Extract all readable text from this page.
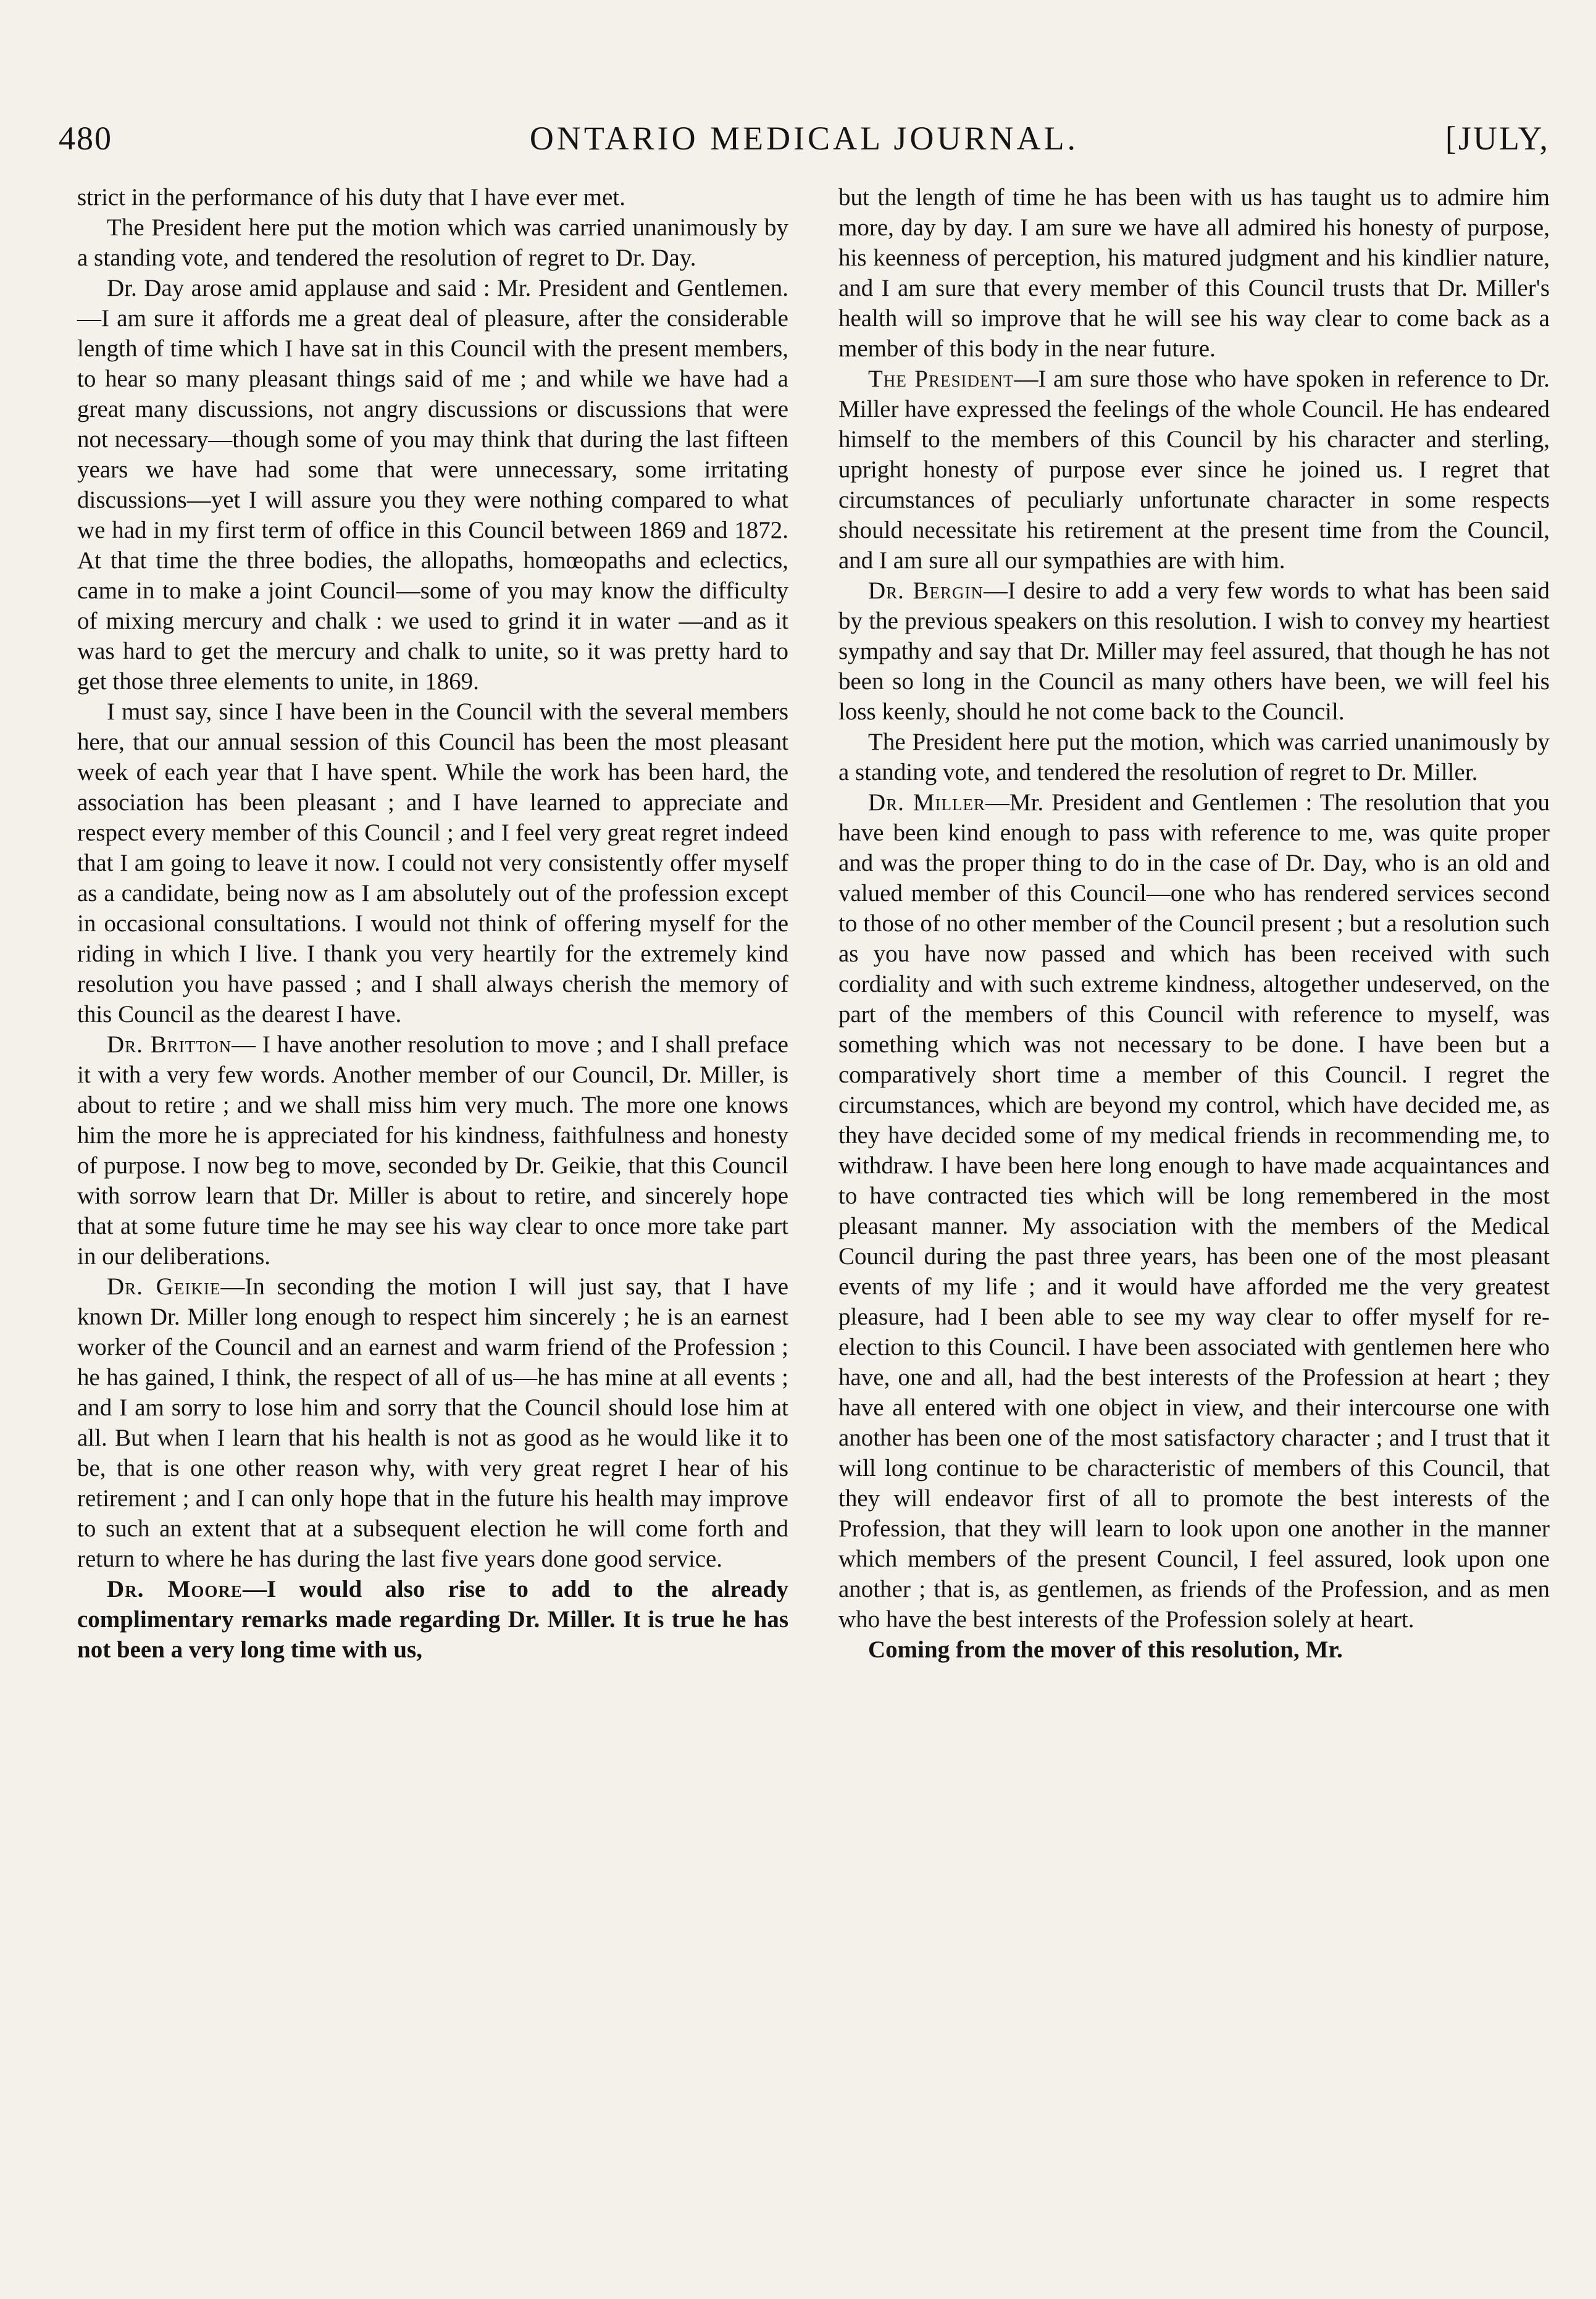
480	ONTARIO MEDICAL JOURNAL.	[JULY,

strict in the performance of his duty that I have ever met.

The President here put the motion which was carried unanimously by a standing vote, and tendered the resolution of regret to Dr. Day.

Dr. Day arose amid applause and said : Mr. President and Gentlemen.—I am sure it affords me a great deal of pleasure, after the considerable length of time which I have sat in this Council with the present members, to hear so many pleasant things said of me ; and while we have had a great many discussions, not angry discussions or discussions that were not necessary—though some of you may think that during the last fifteen years we have had some that were unnecessary, some irritating discussions—yet I will assure you they were nothing compared to what we had in my first term of office in this Council between 1869 and 1872. At that time the three bodies, the allopaths, homœopaths and eclectics, came in to make a joint Council—some of you may know the difficulty of mixing mercury and chalk : we used to grind it in water —and as it was hard to get the mercury and chalk to unite, so it was pretty hard to get those three elements to unite, in 1869.

I must say, since I have been in the Council with the several members here, that our annual session of this Council has been the most pleasant week of each year that I have spent. While the work has been hard, the association has been pleasant ; and I have learned to appreciate and respect every member of this Council ; and I feel very great regret indeed that I am going to leave it now. I could not very consistently offer myself as a candidate, being now as I am absolutely out of the profession except in occasional consultations. I would not think of offering myself for the riding in which I live. I thank you very heartily for the extremely kind resolution you have passed ; and I shall always cherish the memory of this Council as the dearest I have.

Dr. Britton— I have another resolution to move ; and I shall preface it with a very few words. Another member of our Council, Dr. Miller, is about to retire ; and we shall miss him very much. The more one knows him the more he is appreciated for his kindness, faithfulness and honesty of purpose. I now beg to move, seconded by Dr. Geikie, that this Council with sorrow learn that Dr. Miller is about to retire, and sincerely hope that at some future time he may see his way clear to once more take part in our deliberations.

Dr. Geikie—In seconding the motion I will just say, that I have known Dr. Miller long enough to respect him sincerely ; he is an earnest worker of the Council and an earnest and warm friend of the Profession ; he has gained, I think, the respect of all of us—he has mine at all events ; and I am sorry to lose him and sorry that the Council should lose him at all. But when I learn that his health is not as good as he would like it to be, that is one other reason why, with very great regret I hear of his retirement ; and I can only hope that in the future his health may improve to such an extent that at a subsequent election he will come forth and return to where he has during the last five years done good service.

Dr. Moore—I would also rise to add to the already complimentary remarks made regarding Dr. Miller. It is true he has not been a very long time with us,

but the length of time he has been with us has taught us to admire him more, day by day. I am sure we have all admired his honesty of purpose, his keenness of perception, his matured judgment and his kindlier nature, and I am sure that every member of this Council trusts that Dr. Miller's health will so improve that he will see his way clear to come back as a member of this body in the near future.

The President—I am sure those who have spoken in reference to Dr. Miller have expressed the feelings of the whole Council. He has endeared himself to the members of this Council by his character and sterling, upright honesty of purpose ever since he joined us. I regret that circumstances of peculiarly unfortunate character in some respects should necessitate his retirement at the present time from the Council, and I am sure all our sympathies are with him.

Dr. Bergin—I desire to add a very few words to what has been said by the previous speakers on this resolution. I wish to convey my heartiest sympathy and say that Dr. Miller may feel assured, that though he has not been so long in the Council as many others have been, we will feel his loss keenly, should he not come back to the Council.

The President here put the motion, which was carried unanimously by a standing vote, and tendered the resolution of regret to Dr. Miller.

Dr. Miller—Mr. President and Gentlemen : The resolution that you have been kind enough to pass with reference to me, was quite proper and was the proper thing to do in the case of Dr. Day, who is an old and valued member of this Council—one who has rendered services second to those of no other member of the Council present ; but a resolution such as you have now passed and which has been received with such cordiality and with such extreme kindness, altogether undeserved, on the part of the members of this Council with reference to myself, was something which was not necessary to be done. I have been but a comparatively short time a member of this Council. I regret the circumstances, which are beyond my control, which have decided me, as they have decided some of my medical friends in recommending me, to withdraw. I have been here long enough to have made acquaintances and to have contracted ties which will be long remembered in the most pleasant manner. My association with the members of the Medical Council during the past three years, has been one of the most pleasant events of my life ; and it would have afforded me the very greatest pleasure, had I been able to see my way clear to offer myself for re-election to this Council. I have been associated with gentlemen here who have, one and all, had the best interests of the Profession at heart ; they have all entered with one object in view, and their intercourse one with another has been one of the most satisfactory character ; and I trust that it will long continue to be characteristic of members of this Council, that they will endeavor first of all to promote the best interests of the Profession, that they will learn to look upon one another in the manner which members of the present Council, I feel assured, look upon one another ; that is, as gentlemen, as friends of the Profession, and as men who have the best interests of the Profession solely at heart.

Coming from the mover of this resolution, Mr.
